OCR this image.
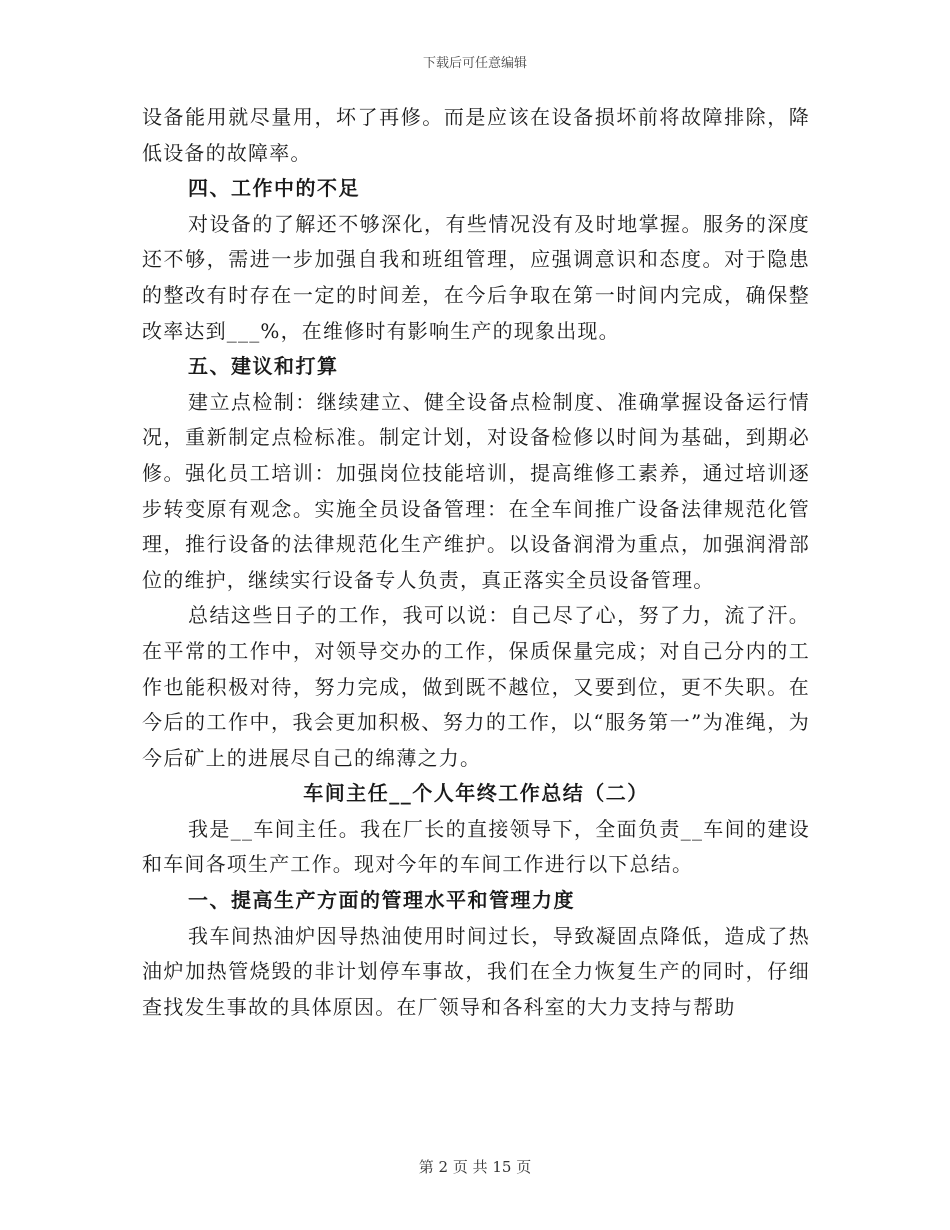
下载后可任意编辑

设备能用就尽量用，坏了再修。而是应该在设备损坏前将故障排除，降低设备的故障率。

四、工作中的不足

对设备的了解还不够深化，有些情况没有及时地掌握。服务的深度还不够，需进一步加强自我和班组管理，应强调意识和态度。对于隐患的整改有时存在一定的时间差，在今后争取在第一时间内完成，确保整改率达到___%，在维修时有影响生产的现象出现。

五、建议和打算

建立点检制：继续建立、健全设备点检制度、准确掌握设备运行情况，重新制定点检标准。制定计划，对设备检修以时间为基础，到期必修。强化员工培训：加强岗位技能培训，提高维修工素养，通过培训逐步转变原有观念。实施全员设备管理：在全车间推广设备法律规范化管理，推行设备的法律规范化生产维护。以设备润滑为重点，加强润滑部位的维护，继续实行设备专人负责，真正落实全员设备管理。

总结这些日子的工作，我可以说：自己尽了心，努了力，流了汗。在平常的工作中，对领导交办的工作，保质保量完成；对自己分内的工作也能积极对待，努力完成，做到既不越位，又要到位，更不失职。在今后的工作中，我会更加积极、努力的工作，以“服务第一”为准绳，为今后矿上的进展尽自己的绵薄之力。

车间主任__个人年终工作总结（二）

我是__车间主任。我在厂长的直接领导下，全面负责__车间的建设和车间各项生产工作。现对今年的车间工作进行以下总结。

一、提高生产方面的管理水平和管理力度

我车间热油炉因导热油使用时间过长，导致凝固点降低，造成了热油炉加热管烧毁的非计划停车事故，我们在全力恢复生产的同时，仔细查找发生事故的具体原因。在厂领导和各科室的大力支持与帮助

第 2 页 共 15 页
